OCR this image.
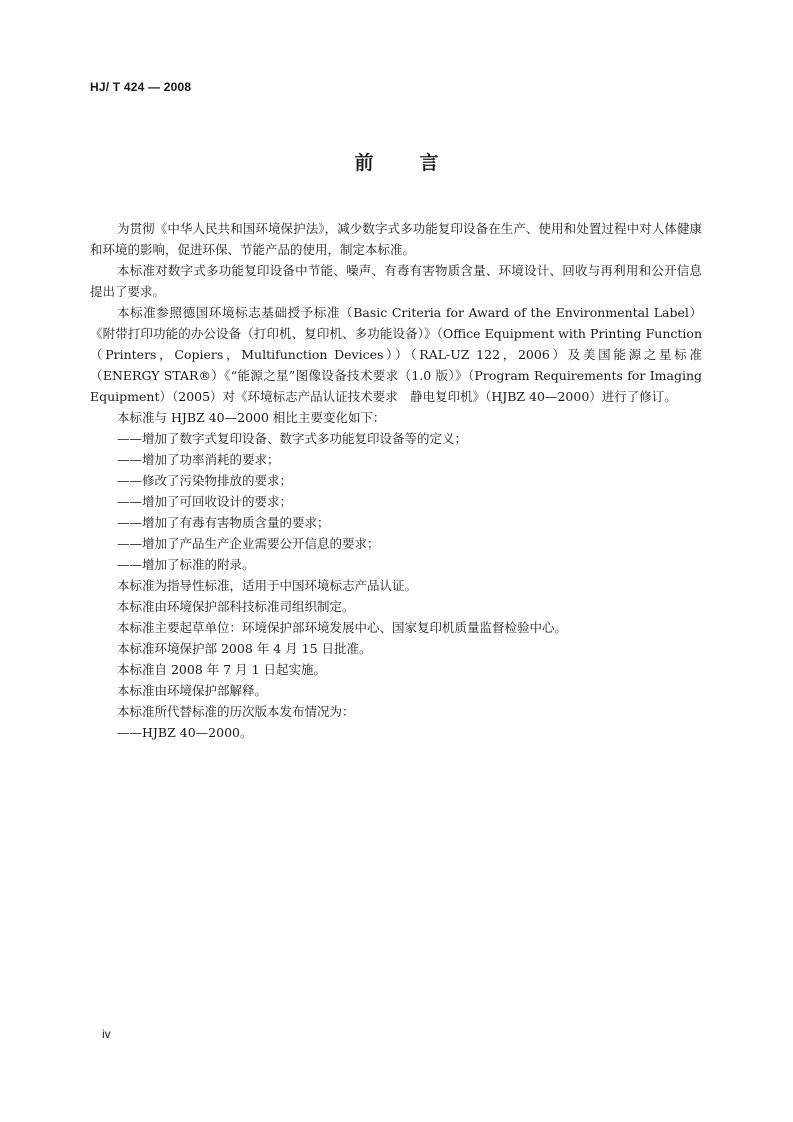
HJ/ T 424 — 2008
前言

为贯彻《中华人民共和国环境保护法》，减少数字式多功能复印设备在生产、使用和处置过程中对人体健康和环境的影响，促进环保、节能产品的使用，制定本标准。

本标准对数字式多功能复印设备中节能、噪声、有毒有害物质含量、环境设计、回收与再利用和公开信息提出了要求。

本标准参照德国环境标志基础授予标准（Basic Criteria for Award of the Environmental Label）《附带打印功能的办公设备（打印机、复印机、多功能设备）》（Office Equipment with Printing Function（Printers，Copiers，Multifunction Devices））（RAL-UZ 122，2006）及美国能源之星标准（ENERGY STAR®）《“能源之星”图像设备技术要求（1.0 版）》（Program Requirements for Imaging Equipment）（2005）对《环境标志产品认证技术要求　静电复印机》（HJBZ 40—2000）进行了修订。

本标准与 HJBZ 40—2000 相比主要变化如下：

——增加了数字式复印设备、数字式多功能复印设备等的定义；

——增加了功率消耗的要求；

——修改了污染物排放的要求；

——增加了可回收设计的要求；

——增加了有毒有害物质含量的要求；

——增加了产品生产企业需要公开信息的要求；

——增加了标准的附录。

本标准为指导性标准，适用于中国环境标志产品认证。

本标准由环境保护部科技标准司组织制定。

本标准主要起草单位：环境保护部环境发展中心、国家复印机质量监督检验中心。

本标准环境保护部 2008 年 4 月 15 日批准。

本标准自 2008 年 7 月 1 日起实施。

本标准由环境保护部解释。

本标准所代替标准的历次版本发布情况为：

——HJBZ 40—2000。

iv
